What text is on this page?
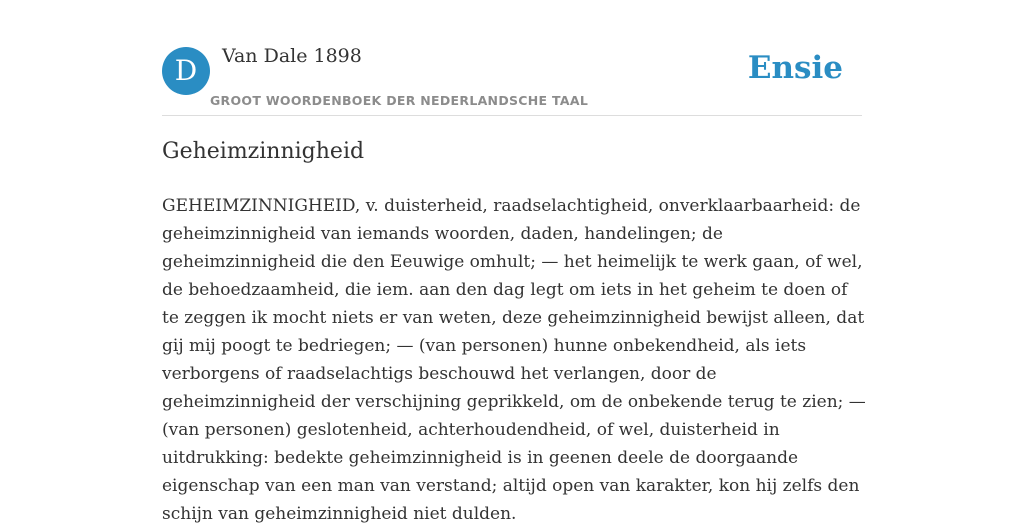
D	Van Dale 1898
GROOT WOORDENBOEK DER NEDERLANDSCHE TAAL
Ensie
Geheimzinnigheid

GEHEIMZINNIGHEID, v. duisterheid, raadselachtigheid, onverklaarbaarheid: de
geheimzinnigheid van iemands woorden, daden, handelingen; de
geheimzinnigheid die den Eeuwige omhult; — het heimelijk te werk gaan, of wel,
de behoedzaamheid, die iem. aan den dag legt om iets in het geheim te doen of
te zeggen ik mocht niets er van weten, deze geheimzinnigheid bewijst alleen, dat
gij mij poogt te bedriegen; — (van personen) hunne onbekendheid, als iets
verborgens of raadselachtigs beschouwd het verlangen, door de
geheimzinnigheid der verschijning geprikkeld, om de onbekende terug te zien; —
(van personen) geslotenheid, achterhoudendheid, of wel, duisterheid in
uitdrukking: bedekte geheimzinnigheid is in geenen deele de doorgaande
eigenschap van een man van verstand; altijd open van karakter, kon hij zelfs den
schijn van geheimzinnigheid niet dulden.
